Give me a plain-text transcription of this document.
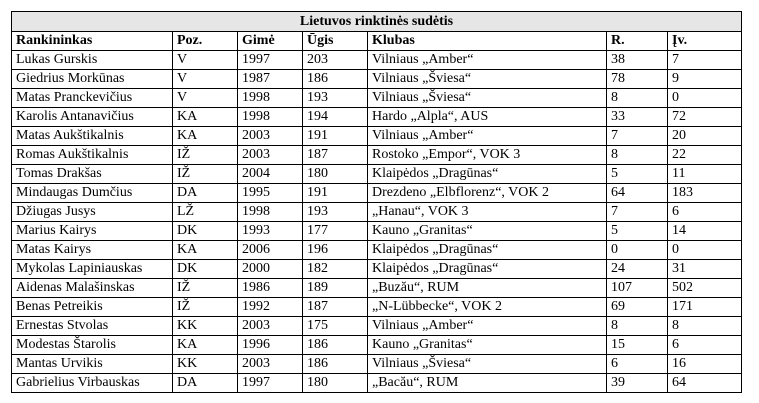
Lietuvos rinktinės sudėtis						
Rankininkas	Poz.	Gimė	Ūgis	Klubas	R.	Įv.
Lukas Gurskis	V	1997	203	Vilniaus „Amber“	38	7
Giedrius Morkūnas	V	1987	186	Vilniaus „Šviesa“	78	9
Matas Pranckevičius	V	1998	193	Vilniaus „Šviesa“	8	0
Karolis Antanavičius	KA	1998	194	Hardo „Alpla“, AUS	33	72
Matas Aukštikalnis	KA	2003	191	Vilniaus „Amber“	7	20
Romas Aukštikalnis	IŽ	2003	187	Rostoko „Empor“, VOK 3	8	22
Tomas Drakšas	IŽ	2004	180	Klaipėdos „Dragūnas“	5	11
Mindaugas Dumčius	DA	1995	191	Drezdeno „Elbflorenz“, VOK 2	64	183
Džiugas Jusys	LŽ	1998	193	„Hanau“, VOK 3	7	6
Marius Kairys	DK	1993	177	Kauno „Granitas“	5	14
Matas Kairys	KA	2006	196	Klaipėdos „Dragūnas“	0	0
Mykolas Lapiniauskas	DK	2000	182	Klaipėdos „Dragūnas“	24	31
Aidenas Malašinskas	IŽ	1986	189	„Buzău“, RUM	107	502
Benas Petreikis	IŽ	1992	187	„N-Lübbecke“, VOK 2	69	171
Ernestas Stvolas	KK	2003	175	Vilniaus „Amber“	8	8
Modestas Štarolis	KA	1996	186	Kauno „Granitas“	15	6
Mantas Urvikis	KK	2003	186	Vilniaus „Šviesa“	6	16
Gabrielius Virbauskas	DA	1997	180	„Bacău“, RUM	39	64
